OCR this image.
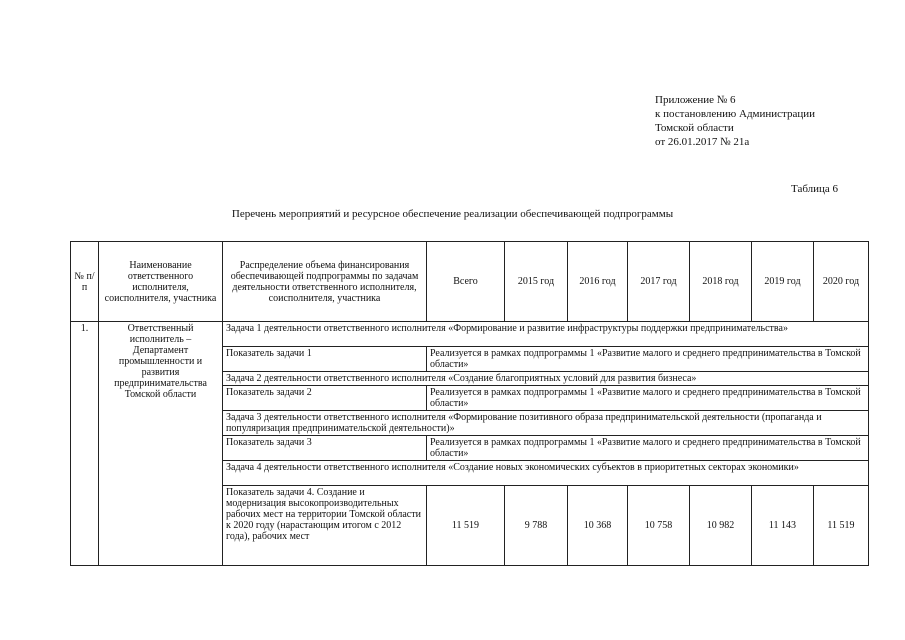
Приложение № 6
к постановлению Администрации
Томской области
от 26.01.2017 № 21а
Таблица 6
Перечень мероприятий и ресурсное обеспечение реализации обеспечивающей подпрограммы
№ п/п	Наименование ответственного исполнителя, соисполнителя, участника	Распределение объема финансирования обеспечивающей подпрограммы по задачам деятельности ответственного исполнителя, соисполнителя, участника	Всего	2015 год	2016 год	2017 год	2018 год	2019 год	2020 год
1.	Ответственный исполнитель – Департамент промышленности и развития предпринимательства Томской области	Задача 1 деятельности ответственного исполнителя «Формирование и развитие инфраструктуры поддержки предпринимательства»							
		Показатель задачи 1	Реализуется в рамках подпрограммы 1 «Развитие малого и среднего предпринимательства в Томской области»						
		Задача 2 деятельности ответственного исполнителя «Создание благоприятных условий для развития бизнеса»							
		Показатель задачи 2	Реализуется в рамках подпрограммы 1 «Развитие малого и среднего предпринимательства в Томской области»						
		Задача 3 деятельности ответственного исполнителя «Формирование позитивного образа предпринимательской деятельности (пропаганда и популяризация предпринимательской деятельности)»							
		Показатель задачи 3	Реализуется в рамках подпрограммы 1 «Развитие малого и среднего предпринимательства в Томской области»						
		Задача 4 деятельности ответственного исполнителя «Создание новых экономических субъектов в приоритетных секторах экономики»							
		Показатель задачи 4. Создание и модернизация высокопроизводительных рабочих мест на территории Томской области к 2020 году (нарастающим итогом с 2012 года), рабочих мест	11 519	9 788	10 368	10 758	10 982	11 143	11 519
